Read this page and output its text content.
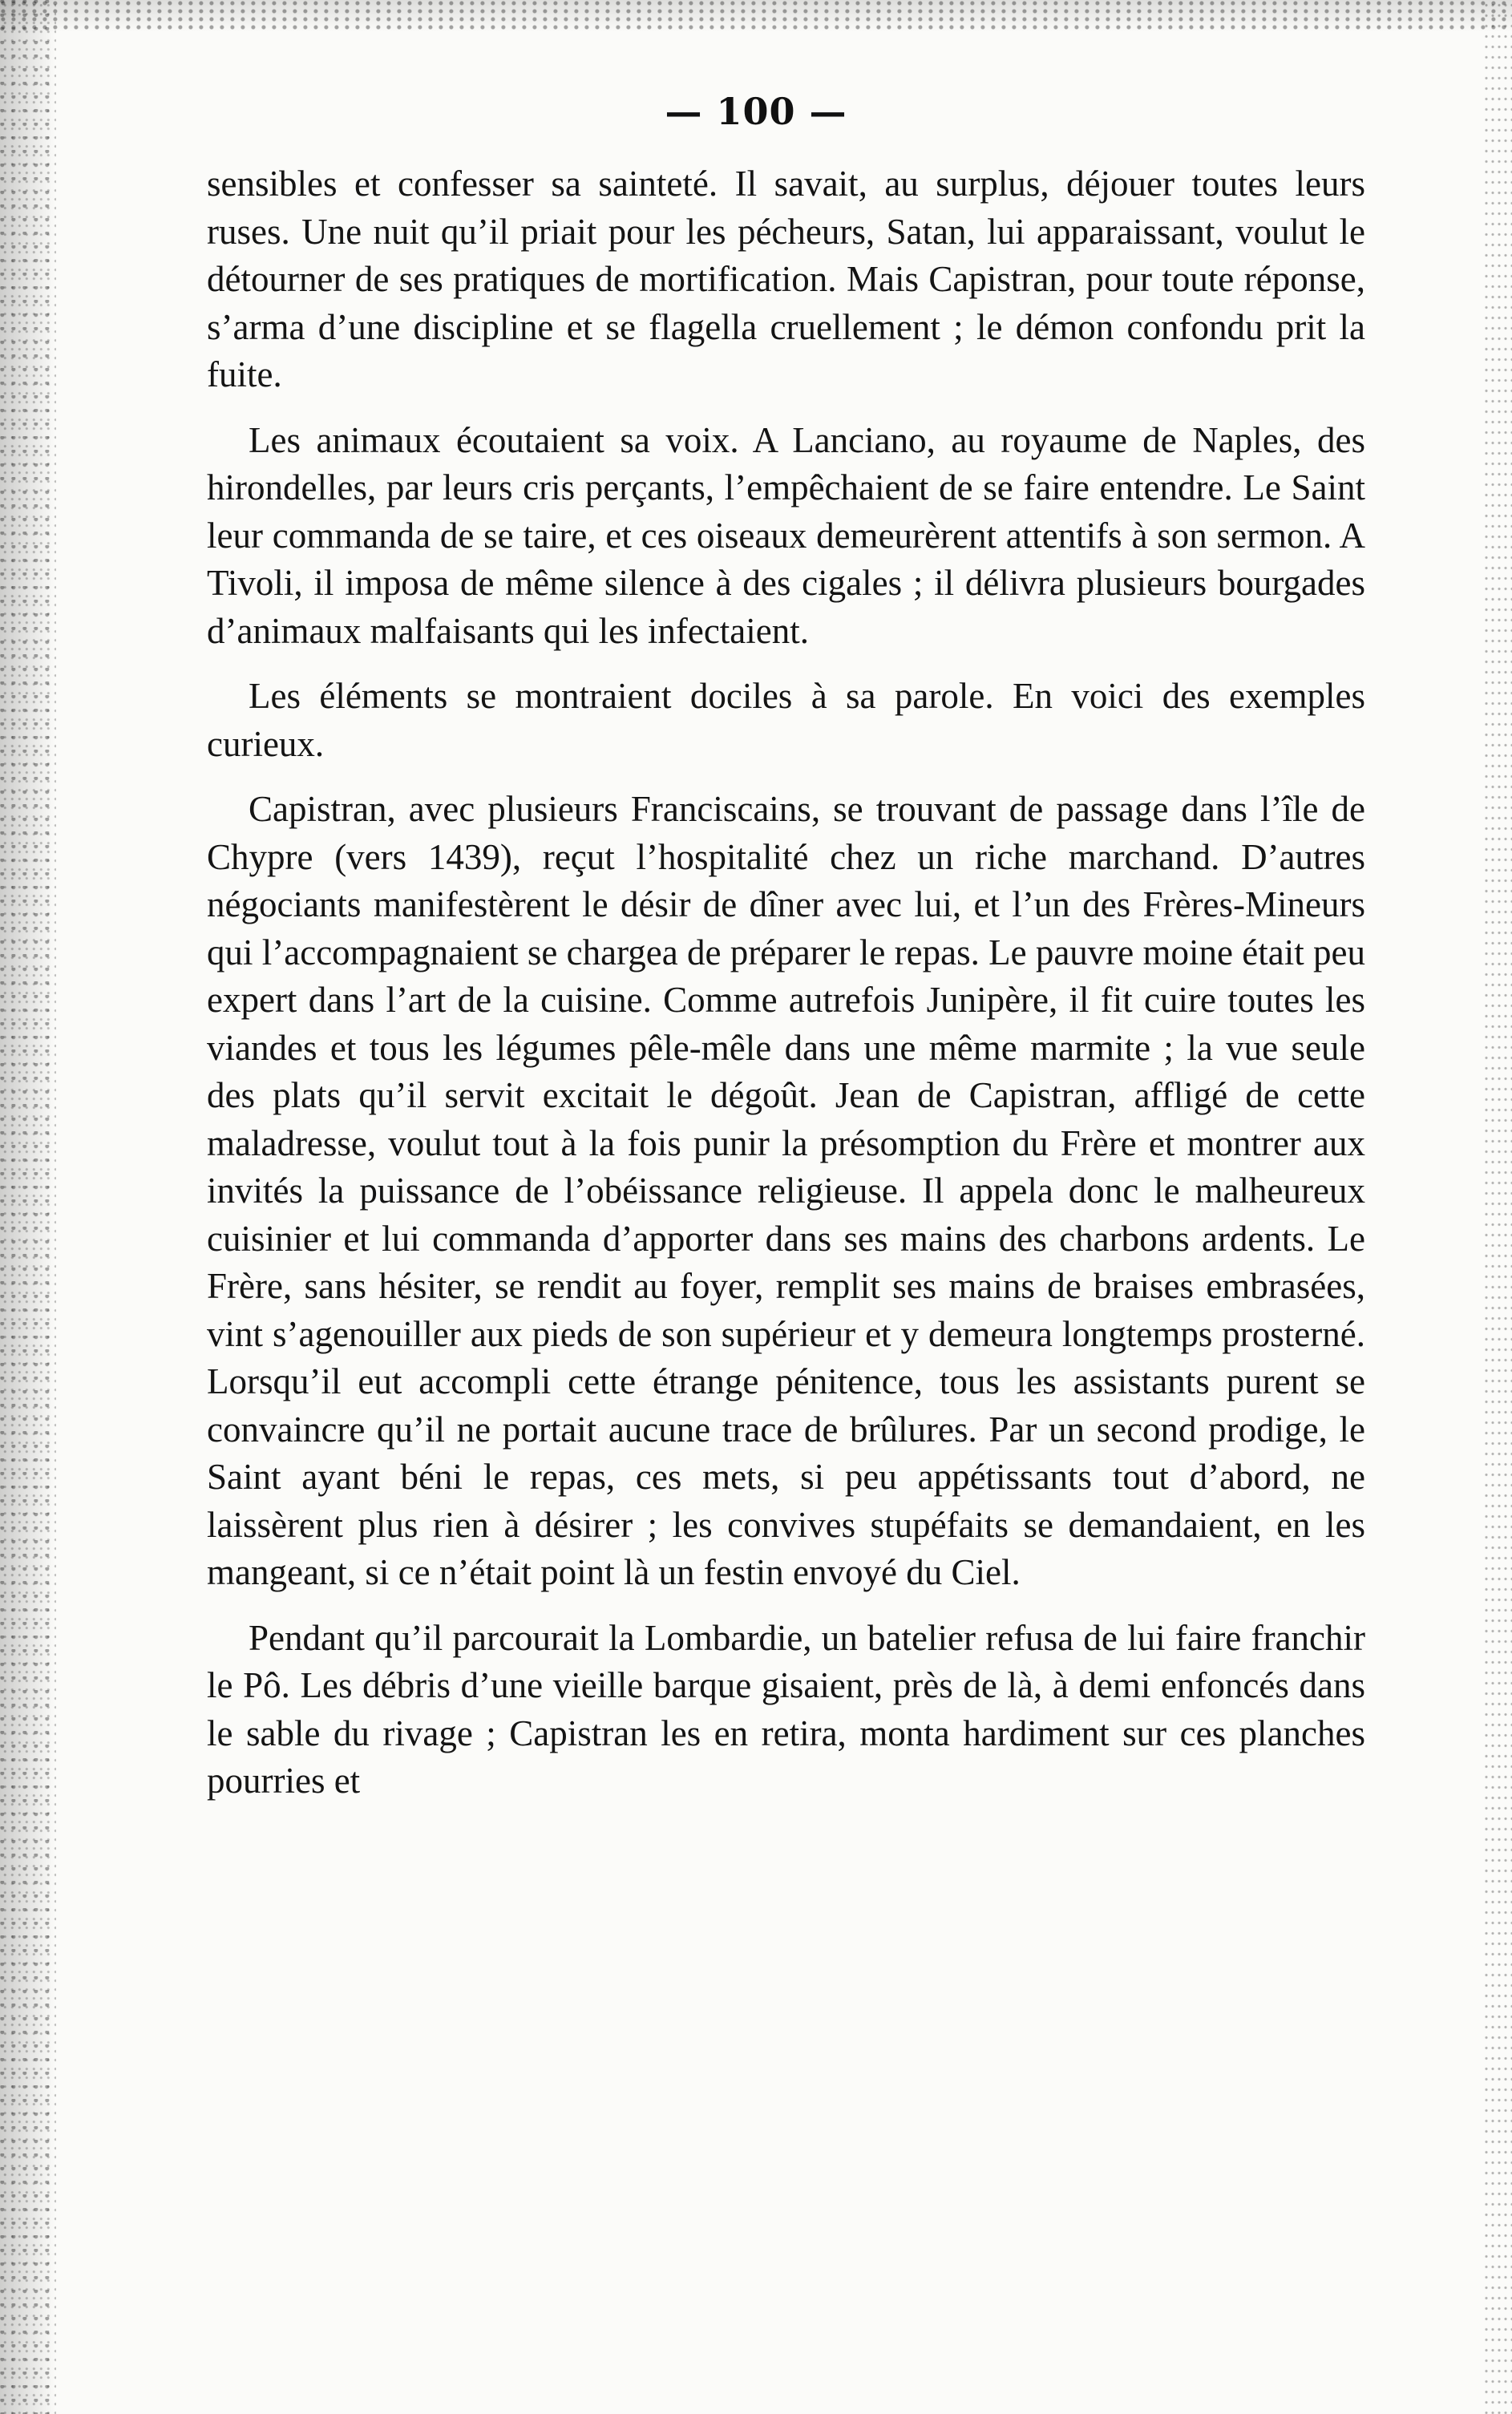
— 100 —

sensibles et confesser sa sainteté. Il savait, au surplus, déjouer toutes leurs ruses. Une nuit qu’il priait pour les pécheurs, Satan, lui apparaissant, voulut le détourner de ses pratiques de mortification. Mais Capistran, pour toute réponse, s’arma d’une discipline et se flagella cruellement ; le démon confondu prit la fuite.

Les animaux écoutaient sa voix. A Lanciano, au royaume de Naples, des hirondelles, par leurs cris perçants, l’empêchaient de se faire entendre. Le Saint leur commanda de se taire, et ces oiseaux demeurèrent attentifs à son sermon. A Tivoli, il imposa de même silence à des cigales ; il délivra plusieurs bourgades d’animaux malfaisants qui les infectaient.

Les éléments se montraient dociles à sa parole. En voici des exemples curieux.

Capistran, avec plusieurs Franciscains, se trouvant de passage dans l’île de Chypre (vers 1439), reçut l’hospitalité chez un riche marchand. D’autres négociants manifestèrent le désir de dîner avec lui, et l’un des Frères-Mineurs qui l’accompagnaient se chargea de préparer le repas. Le pauvre moine était peu expert dans l’art de la cuisine. Comme autrefois Junipère, il fit cuire toutes les viandes et tous les légumes pêle-mêle dans une même marmite ; la vue seule des plats qu’il servit excitait le dégoût. Jean de Capistran, affligé de cette maladresse, voulut tout à la fois punir la présomption du Frère et montrer aux invités la puissance de l’obéissance religieuse. Il appela donc le malheureux cuisinier et lui commanda d’apporter dans ses mains des charbons ardents. Le Frère, sans hésiter, se rendit au foyer, remplit ses mains de braises embrasées, vint s’agenouiller aux pieds de son supérieur et y demeura longtemps prosterné. Lorsqu’il eut accompli cette étrange pénitence, tous les assistants purent se convaincre qu’il ne portait aucune trace de brûlures. Par un second prodige, le Saint ayant béni le repas, ces mets, si peu appétissants tout d’abord, ne laissèrent plus rien à désirer ; les convives stupéfaits se demandaient, en les mangeant, si ce n’était point là un festin envoyé du Ciel.

Pendant qu’il parcourait la Lombardie, un batelier refusa de lui faire franchir le Pô. Les débris d’une vieille barque gisaient, près de là, à demi enfoncés dans le sable du rivage ; Capistran les en retira, monta hardiment sur ces planches pourries et
